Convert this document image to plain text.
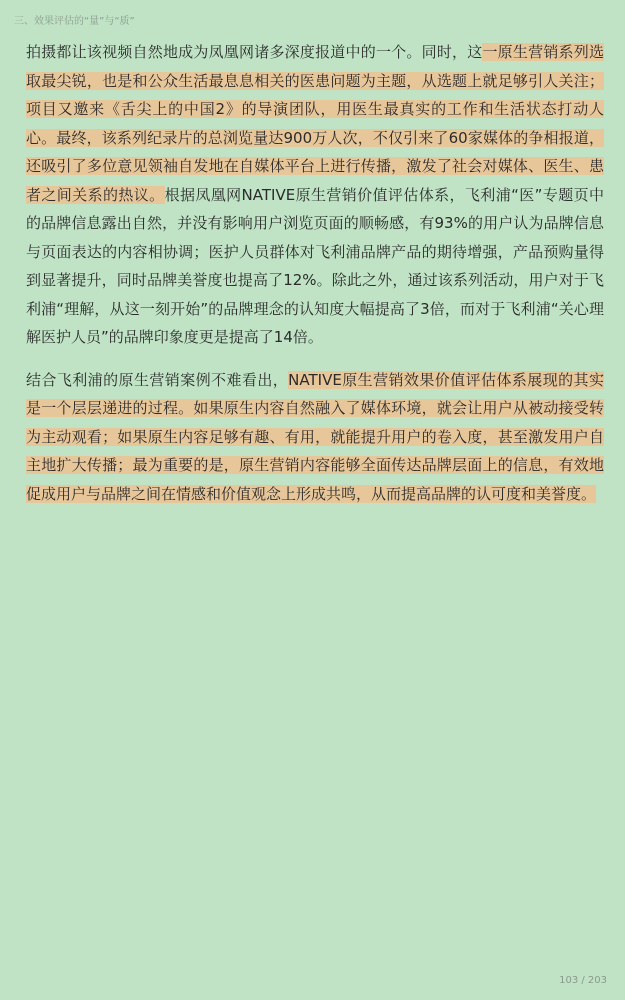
三、效果评估的“量”与“质”

拍摄都让该视频自然地成为凤凰网诸多深度报道中的一个。同时，这一原生营销系列选取最尖锐，也是和公众生活最息息相关的医患问题为主题，从选题上就足够引人关注；项目又邀来《舌尖上的中国2》的导演团队，用医生最真实的工作和生活状态打动人心。最终，该系列纪录片的总浏览量达900万人次，不仅引来了60家媒体的争相报道，还吸引了多位意见领袖自发地在自媒体平台上进行传播，激发了社会对媒体、医生、患者之间关系的热议。根据凤凰网NATIVE原生营销价值评估体系，飞利浦“医”专题页中的品牌信息露出自然，并没有影响用户浏览页面的顺畅感，有93%的用户认为品牌信息与页面表达的内容相协调；医护人员群体对飞利浦品牌产品的期待增强，产品预购量得到显著提升，同时品牌美誉度也提高了12%。除此之外，通过该系列活动，用户对于飞利浦“理解，从这一刻开始”的品牌理念的认知度大幅提高了3倍，而对于飞利浦“关心理解医护人员”的品牌印象度更是提高了14倍。

结合飞利浦的原生营销案例不难看出，NATIVE原生营销效果价值评估体系展现的其实是一个层层递进的过程。如果原生内容自然融入了媒体环境，就会让用户从被动接受转为主动观看；如果原生内容足够有趣、有用，就能提升用户的卷入度，甚至激发用户自主地扩大传播；最为重要的是，原生营销内容能够全面传达品牌层面上的信息，有效地促成用户与品牌之间在情感和价值观念上形成共鸣，从而提高品牌的认可度和美誉度。

103 / 203
